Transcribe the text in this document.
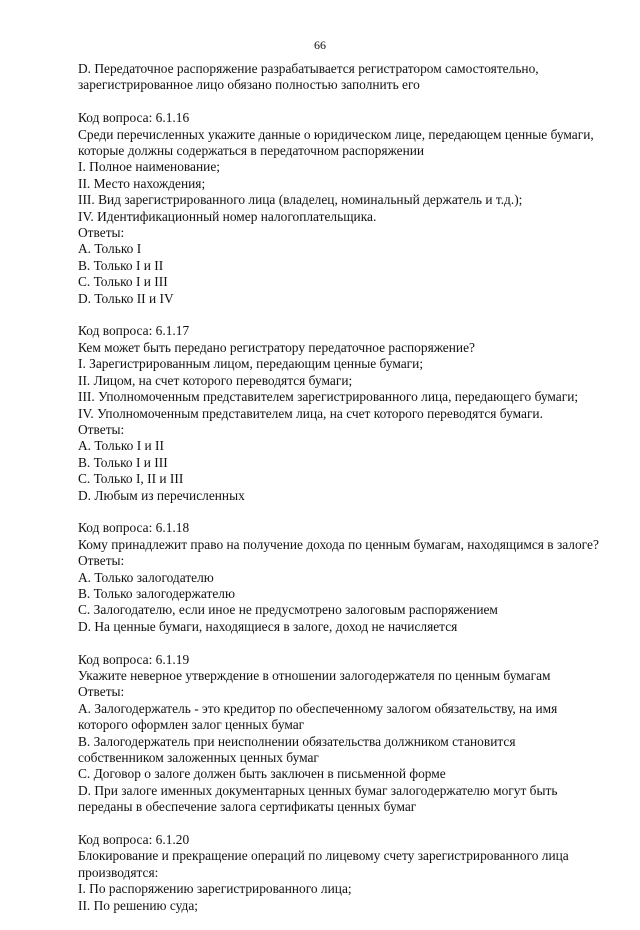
66
D. Передаточное распоряжение разрабатывается регистратором самостоятельно,
зарегистрированное лицо обязано полностью заполнить его
Код вопроса: 6.1.16
Среди перечисленных укажите данные о юридическом лице, передающем ценные бумаги,
которые должны содержаться в передаточном распоряжении
I. Полное наименование;
II. Место нахождения;
III. Вид зарегистрированного лица (владелец, номинальный держатель и т.д.);
IV. Идентификационный номер налогоплательщика.
Ответы:
A. Только I
B. Только I и II
C. Только I и III
D. Только II и IV
Код вопроса: 6.1.17
Кем может быть передано регистратору передаточное распоряжение?
I. Зарегистрированным лицом, передающим ценные бумаги;
II. Лицом, на счет которого переводятся бумаги;
III. Уполномоченным представителем зарегистрированного лица, передающего бумаги;
IV. Уполномоченным представителем лица, на счет которого переводятся бумаги.
Ответы:
A. Только I и II
B. Только I и III
C. Только I, II и III
D. Любым из перечисленных
Код вопроса: 6.1.18
Кому принадлежит право на получение дохода по ценным бумагам, находящимся в залоге?
Ответы:
A. Только залогодателю
B. Только залогодержателю
C. Залогодателю, если иное не предусмотрено залоговым распоряжением
D. На ценные бумаги, находящиеся в залоге, доход не начисляется
Код вопроса: 6.1.19
Укажите неверное утверждение в отношении залогодержателя по ценным бумагам
Ответы:
A. Залогодержатель - это кредитор по обеспеченному залогом обязательству, на имя
которого оформлен залог ценных бумаг
B. Залогодержатель при неисполнении обязательства должником становится
собственником заложенных ценных бумаг
C. Договор о залоге должен быть заключен в письменной форме
D. При залоге именных документарных ценных бумаг залогодержателю могут быть
переданы в обеспечение залога сертификаты ценных бумаг
Код вопроса: 6.1.20
Блокирование и прекращение операций по лицевому счету зарегистрированного лица
производятся:
I. По распоряжению зарегистрированного лица;
II. По решению суда;
